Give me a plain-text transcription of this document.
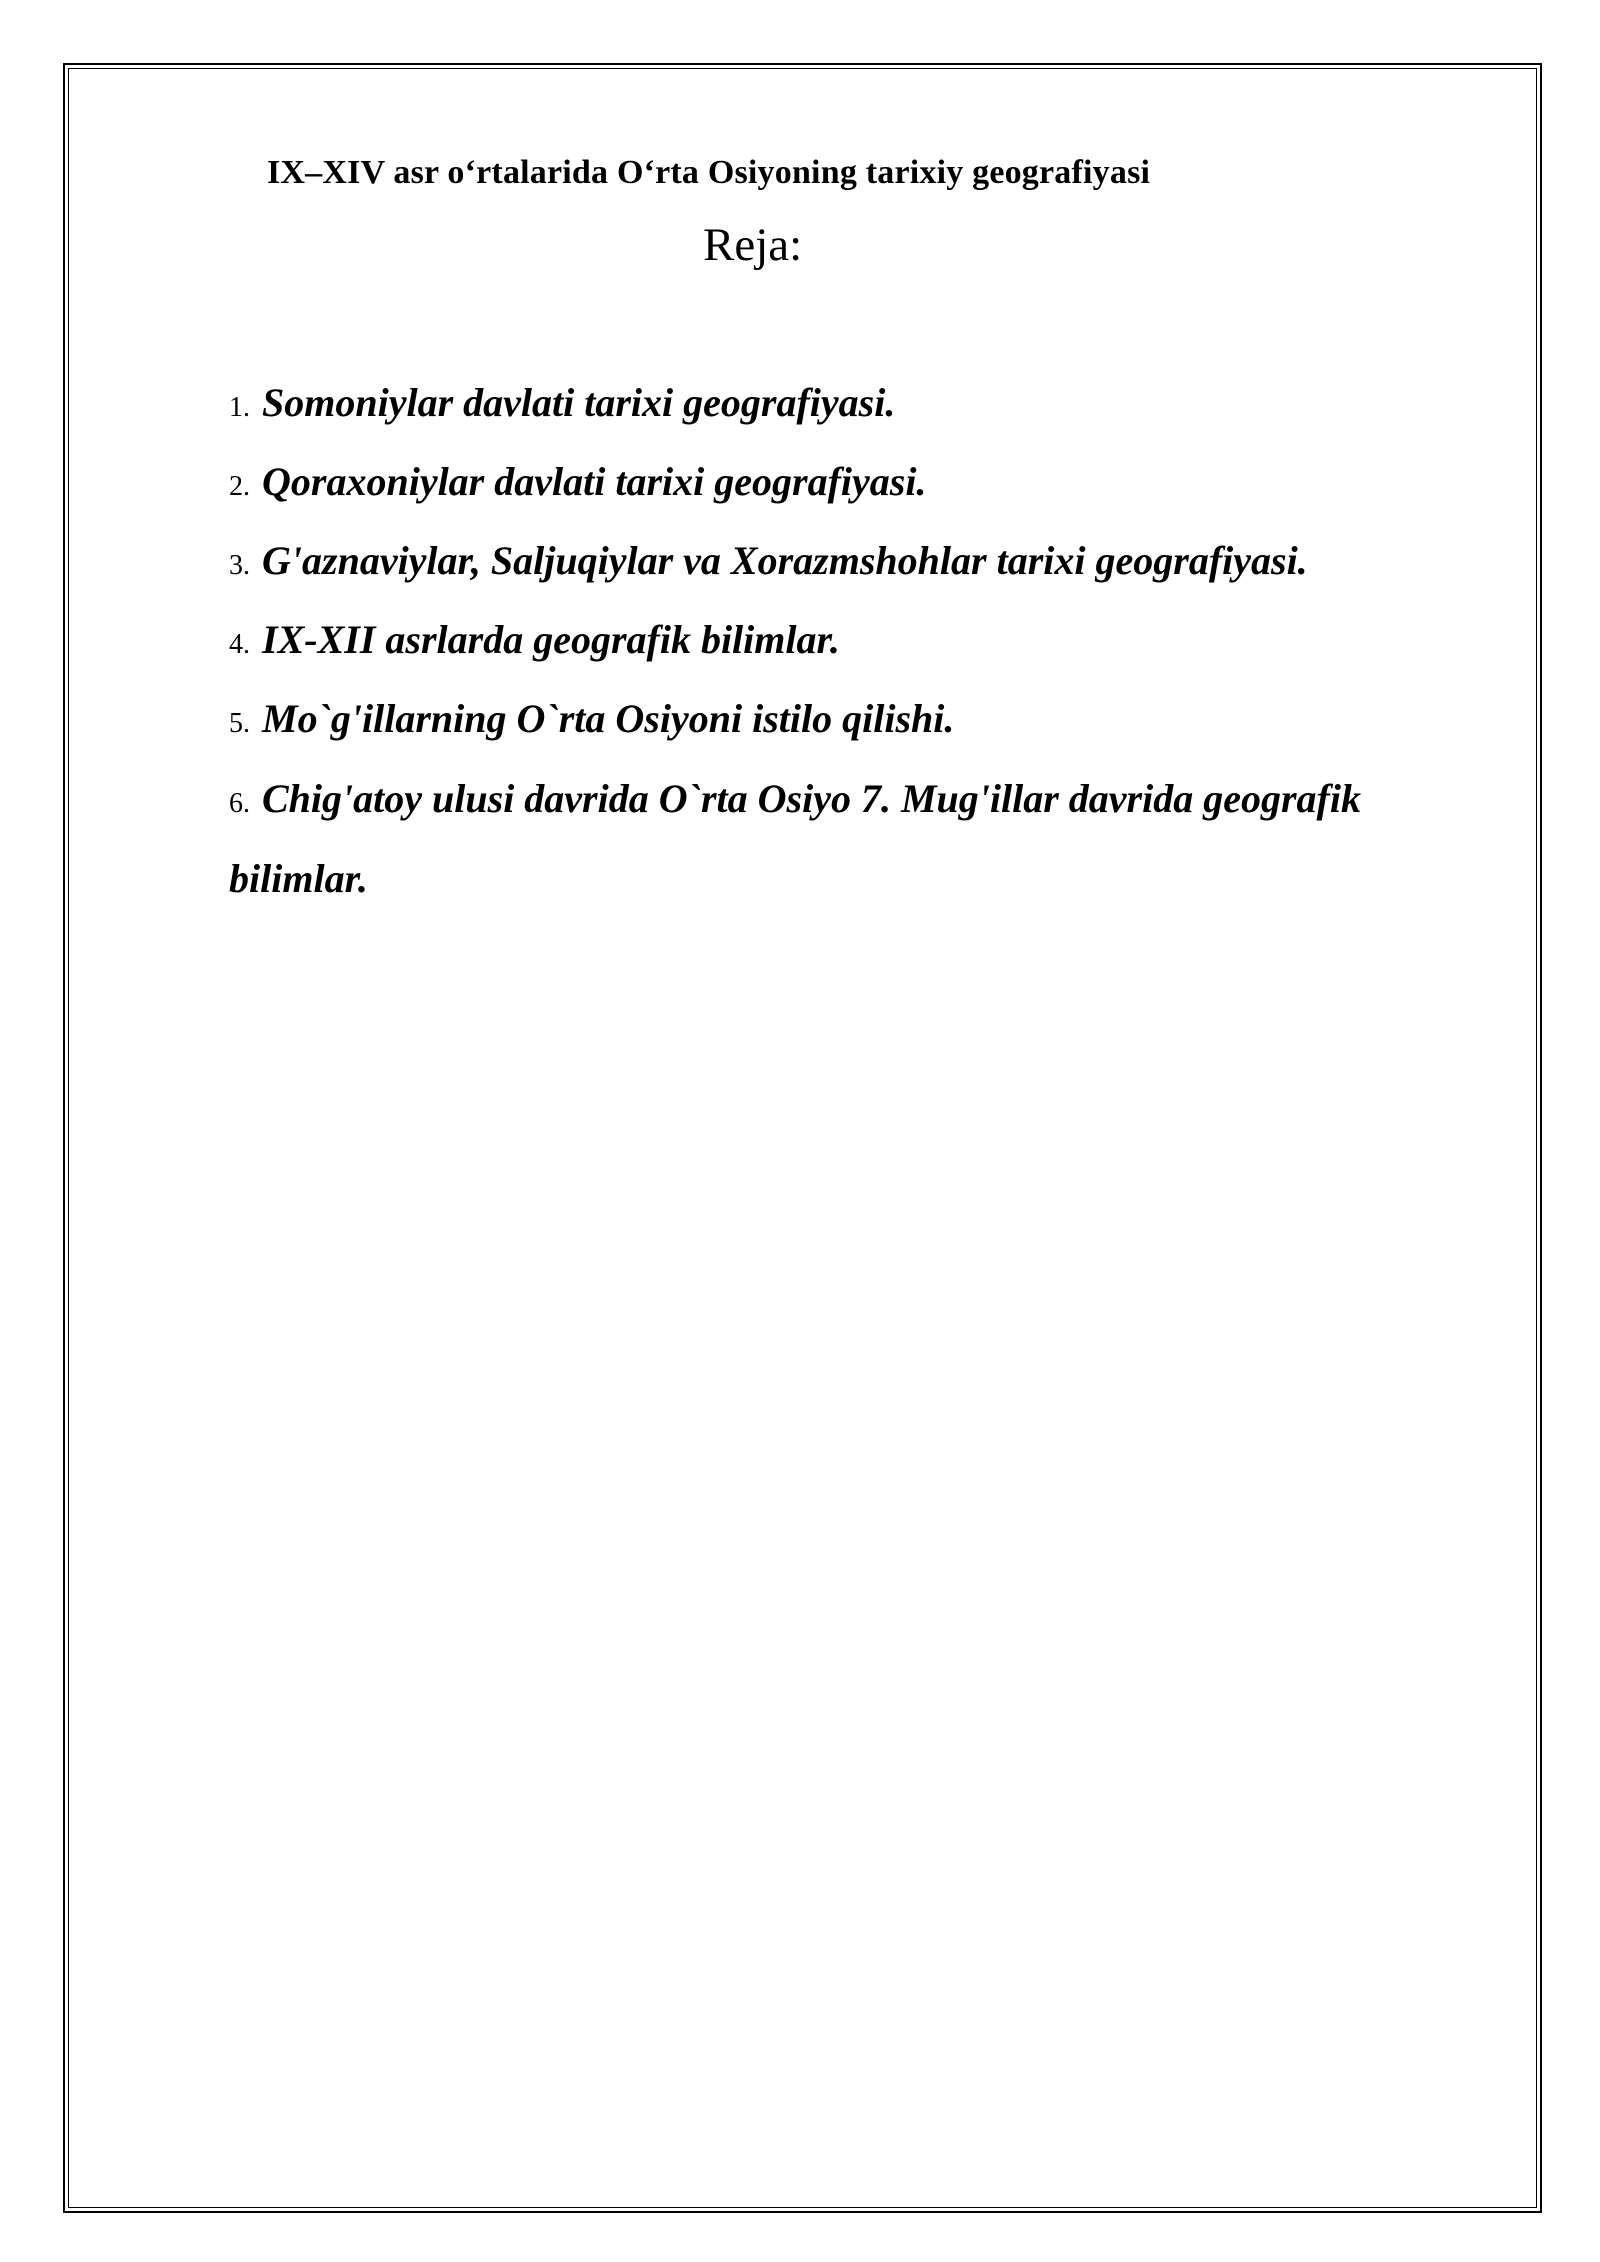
IX–XIV asr o‘rtalarida O‘rta Osiyoning tarixiy geografiyasi
Reja:
1. Somoniylar davlati tarixi geografiyasi.
2. Qoraxoniylar davlati tarixi geografiyasi.
3. G'aznaviylar, Saljuqiylar va Xorazmshohlar tarixi geografiyasi.
4. IX-XII asrlarda geografik bilimlar.
5. Mo`g'illarning O`rta Osiyoni istilo qilishi.
6. Chig'atoy ulusi davrida O`rta Osiyo 7. Mug'illar davrida geografik bilimlar.
